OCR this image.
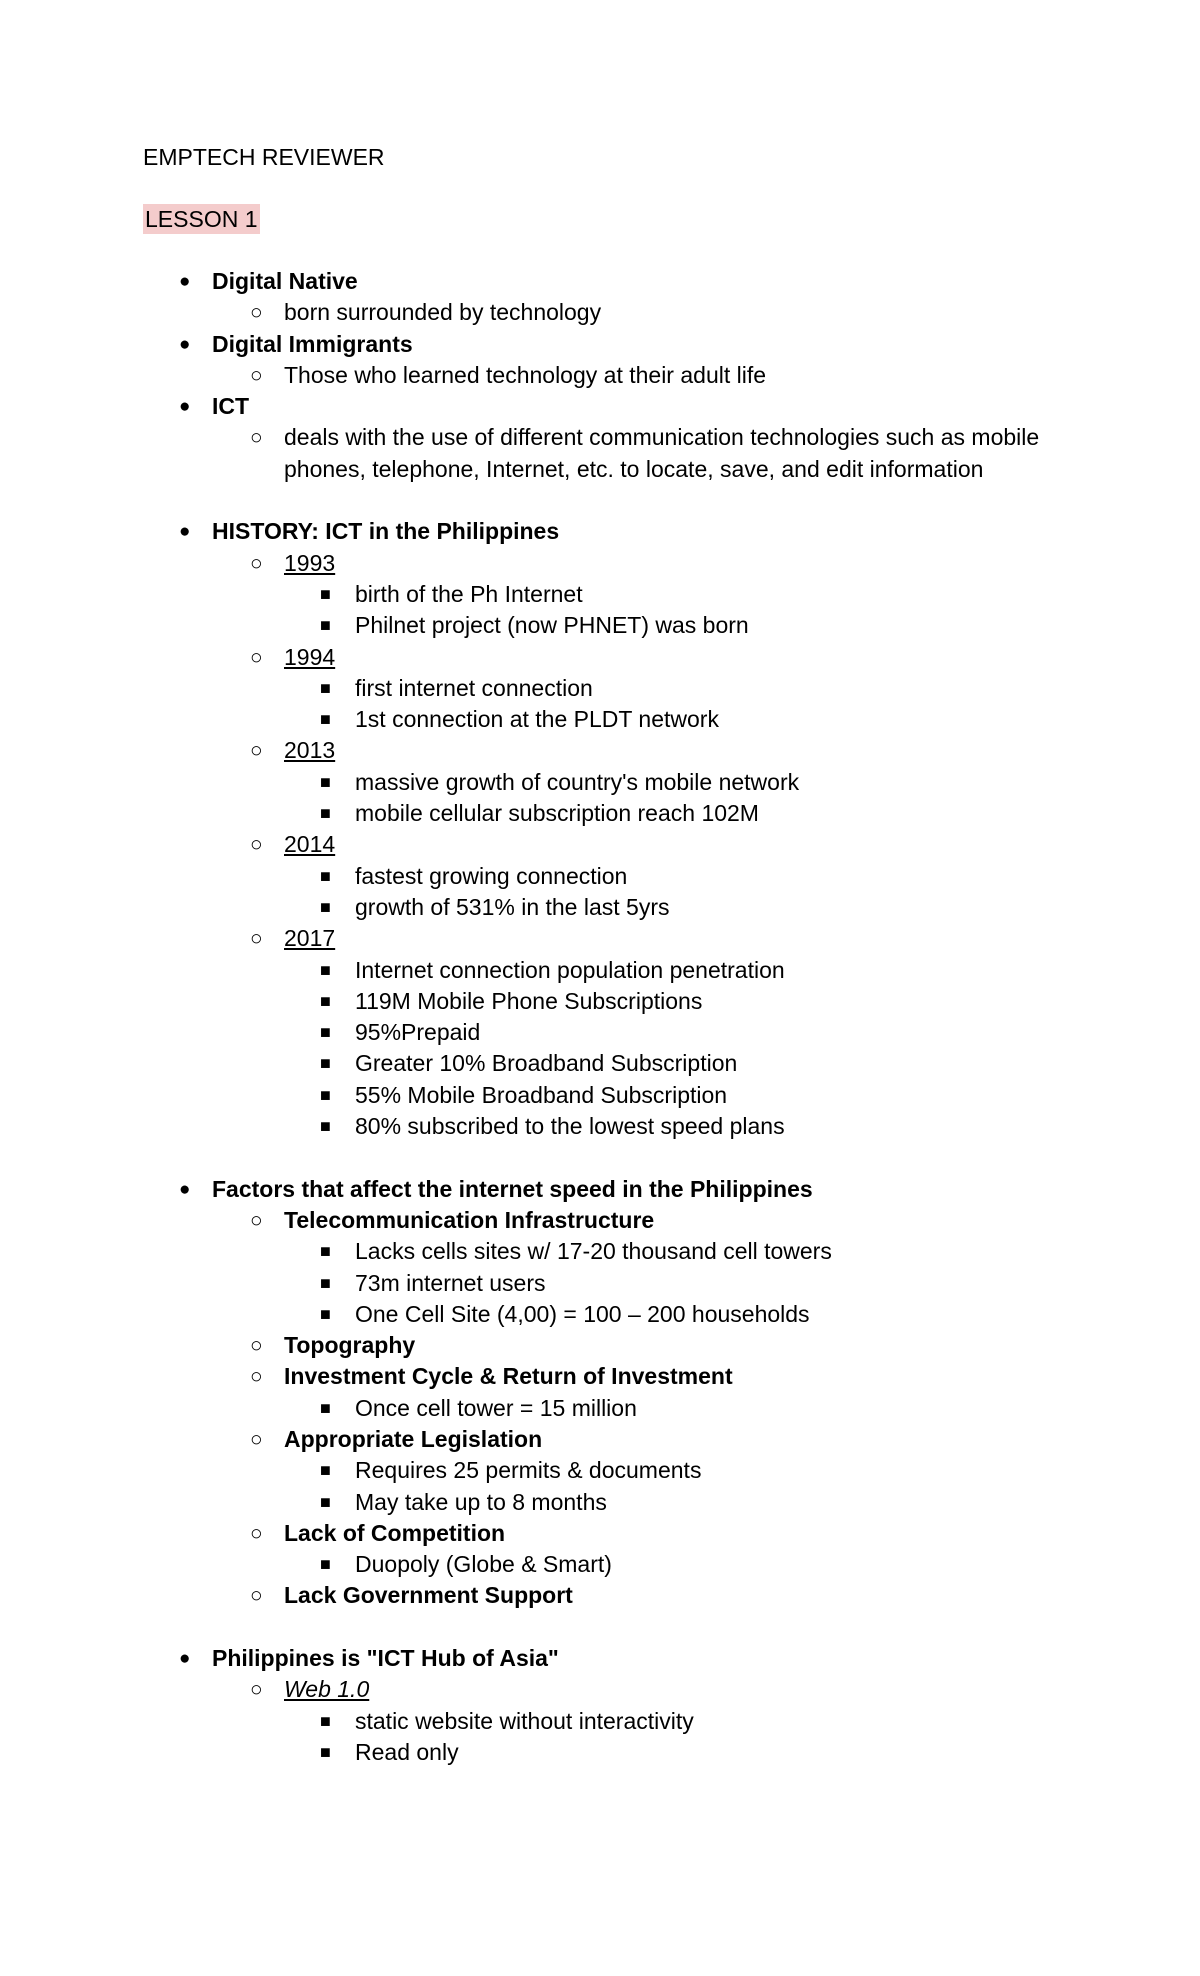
EMPTECH REVIEWER
LESSON 1
● Digital Native
○ born surrounded by technology
● Digital Immigrants
○ Those who learned technology at their adult life
● ICT
○ deals with the use of different communication technologies such as mobile
phones, telephone, Internet, etc. to locate, save, and edit information
● HISTORY: ICT in the Philippines
○ 1993
■ birth of the Ph Internet
■ Philnet project (now PHNET) was born
○ 1994
■ first internet connection
■ 1st connection at the PLDT network
○ 2013
■ massive growth of country's mobile network
■ mobile cellular subscription reach 102M
○ 2014
■ fastest growing connection
■ growth of 531% in the last 5yrs
○ 2017
■ Internet connection population penetration
■ 119M Mobile Phone Subscriptions
■ 95%Prepaid
■ Greater 10% Broadband Subscription
■ 55% Mobile Broadband Subscription
■ 80% subscribed to the lowest speed plans
● Factors that affect the internet speed in the Philippines
○ Telecommunication Infrastructure
■ Lacks cells sites w/ 17-20 thousand cell towers
■ 73m internet users
■ One Cell Site (4,00) = 100 – 200 households
○ Topography
○ Investment Cycle & Return of Investment
■ Once cell tower = 15 million
○ Appropriate Legislation
■ Requires 25 permits & documents
■ May take up to 8 months
○ Lack of Competition
■ Duopoly (Globe & Smart)
○ Lack Government Support
● Philippines is "ICT Hub of Asia"
○ Web 1.0
■ static website without interactivity
■ Read only
